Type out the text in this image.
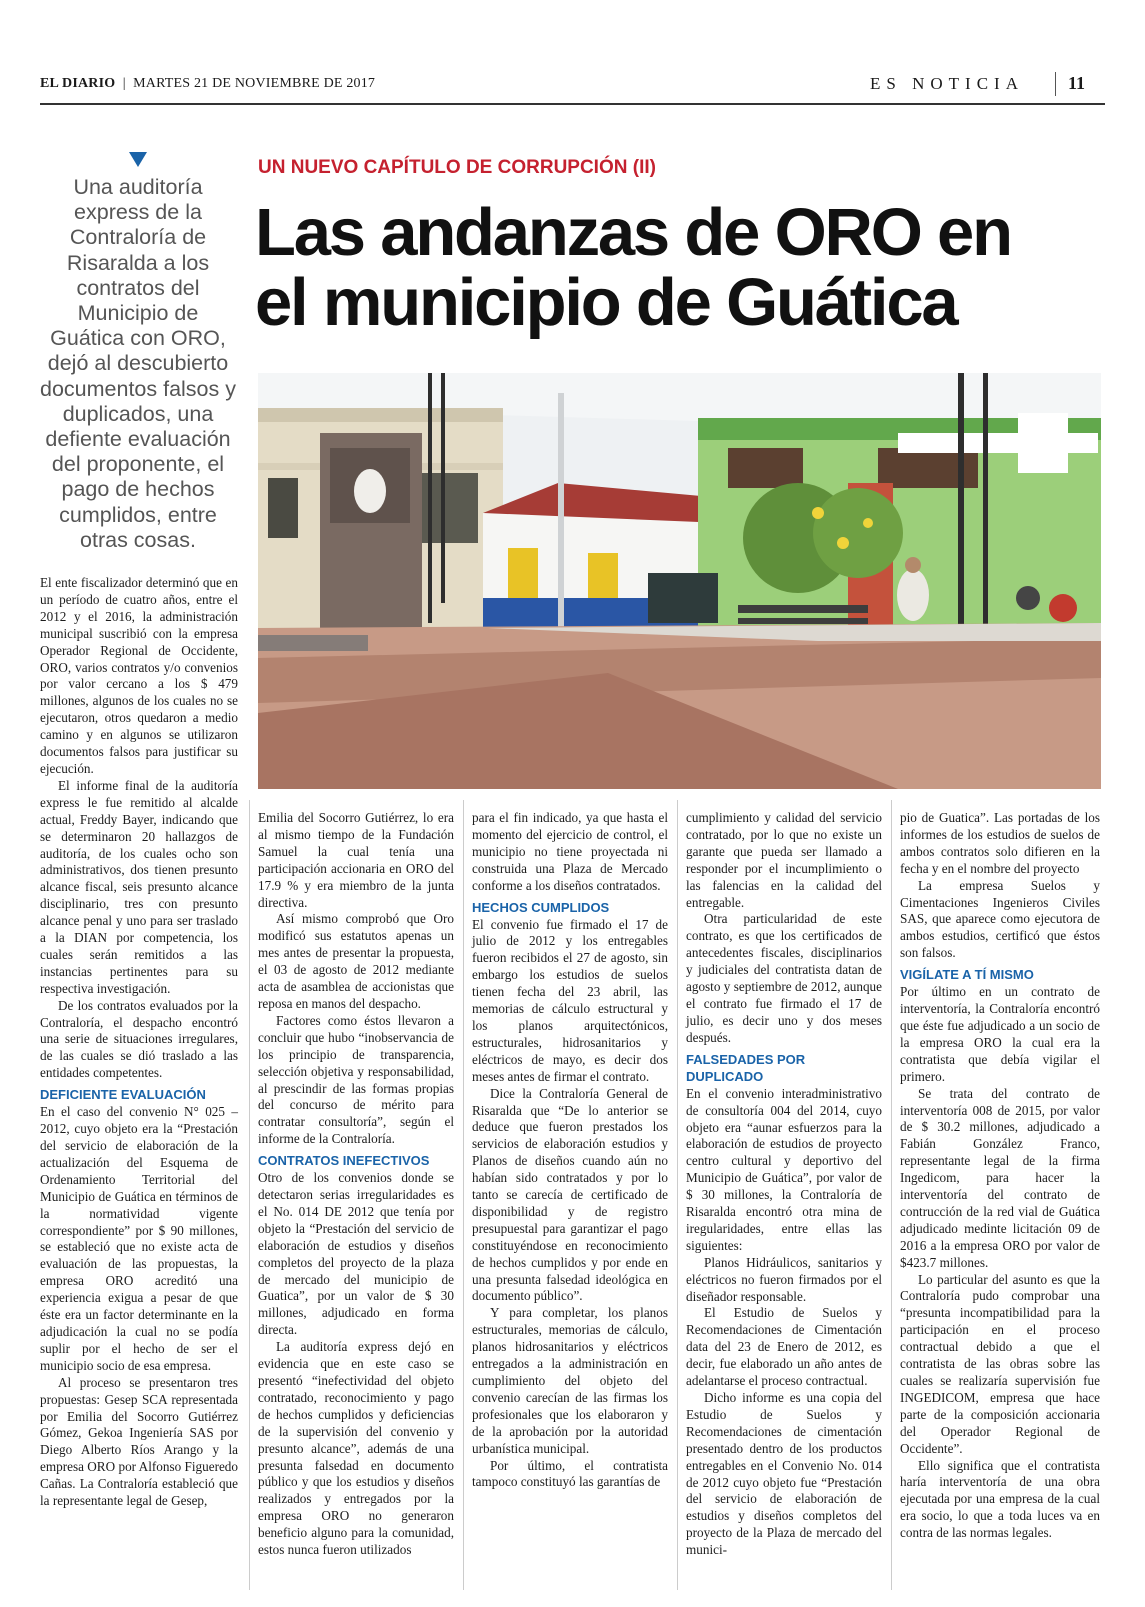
EL DIARIO  |  MARTES 21 DE NOVIEMBRE DE 2017	ES NOTICIA 11
Una auditoría express de la Contraloría de Risaralda a los contratos del Municipio de Guática con ORO, dejó al descubierto documentos falsos y duplicados, una defiente evaluación del proponente, el pago de hechos cumplidos, entre otras cosas.
UN NUEVO CAPÍTULO DE CORRUPCIÓN (II)
Las andanzas de ORO en
el municipio de Guática

El ente fiscalizador determinó que en un período de cuatro años, entre el 2012 y el 2016, la administración municipal suscribió con la empresa Operador Regional de Occidente, ORO, varios contratos y/o convenios por valor cercano a los $ 479 millones, algunos de los cuales no se ejecutaron, otros quedaron a medio camino y en algunos se utilizaron documentos falsos para justificar su ejecución.

El informe final de la auditoría express le fue remitido al alcalde actual, Freddy Bayer, indicando que se determinaron 20 hallazgos de auditoría, de los cuales ocho son administrativos, dos tienen presunto alcance fiscal, seis presunto alcance disciplinario, tres con presunto alcance penal y uno para ser traslado a la DIAN por competencia, los cuales serán remitidos a las instancias pertinentes para su respectiva investigación.

De los contratos evaluados por la Contraloría, el despacho encontró una serie de situaciones irregulares, de las cuales se dió traslado a las entidades competentes.

DEFICIENTE EVALUACIÓN

En el caso del convenio N° 025 – 2012, cuyo objeto era la “Prestación del servicio de elaboración de la actualización del Esquema de Ordenamiento Territorial del Municipio de Guática en términos de la normatividad vigente correspondiente” por $ 90 millones, se estableció que no existe acta de evaluación de las propuestas, la empresa ORO acreditó una experiencia exigua a pesar de que éste era un factor determinante en la adjudicación la cual no se podía suplir por el hecho de ser el municipio socio de esa empresa.

Al proceso se presentaron tres propuestas: Gesep SCA representada por Emilia del Socorro Gutiérrez Gómez, Gekoa Ingeniería SAS por Diego Alberto Ríos Arango y la empresa ORO por Alfonso Figueredo Cañas. La Contraloría estableció que la representante legal de Gesep,

Emilia del Socorro Gutiérrez, lo era al mismo tiempo de la Fundación Samuel la cual tenía una participación accionaria en ORO del 17.9 % y era miembro de la junta directiva.

Así mismo comprobó que Oro modificó sus estatutos apenas un mes antes de presentar la propuesta, el 03 de agosto de 2012 mediante acta de asamblea de accionistas que reposa en manos del despacho.

Factores como éstos llevaron a concluir que hubo “inobservancia de los principio de transparencia, selección objetiva y responsabilidad, al prescindir de las formas propias del concurso de mérito para contratar consultoría”, según el informe de la Contraloría.

CONTRATOS INEFECTIVOS

Otro de los convenios donde se detectaron serias irregularidades es el No. 014 DE 2012 que tenía por objeto la “Prestación del servicio de elaboración de estudios y diseños completos del proyecto de la plaza de mercado del municipio de Guatica”, por un valor de $ 30 millones, adjudicado en forma directa.

La auditoría express dejó en evidencia que en este caso se presentó “inefectividad del objeto contratado, reconocimiento y pago de hechos cumplidos y deficiencias de la supervisión del convenio y presunto alcance”, además de una presunta falsedad en documento público y que los estudios y diseños realizados y entregados por la empresa ORO no generaron beneficio alguno para la comunidad, estos nunca fueron utilizados

para el fin indicado, ya que hasta el momento del ejercicio de control, el municipio no tiene proyectada ni construida una Plaza de Mercado conforme a los diseños contratados.

HECHOS CUMPLIDOS

El convenio fue firmado el 17 de julio de 2012 y los entregables fueron recibidos el 27 de agosto, sin embargo los estudios de suelos tienen fecha del 23 abril, las memorias de cálculo estructural y los planos arquitectónicos, estructurales, hidrosanitarios y eléctricos de mayo, es decir dos meses antes de firmar el contrato.

Dice la Contraloría General de Risaralda que “De lo anterior se deduce que fueron prestados los servicios de elaboración estudios y Planos de diseños cuando aún no habían sido contratados y por lo tanto se carecía de certificado de disponibilidad y de registro presupuestal para garantizar el pago constituyéndose en reconocimiento de hechos cumplidos y por ende en una presunta falsedad ideológica en documento público”.

Y para completar, los planos estructurales, memorias de cálculo, planos hidrosanitarios y eléctricos entregados a la administración en cumplimiento del objeto del convenio carecían de las firmas los profesionales que los elaboraron y de la aprobación por la autoridad urbanística municipal.

Por último, el contratista tampoco constituyó las garantías de

cumplimiento y calidad del servicio contratado, por lo que no existe un garante que pueda ser llamado a responder por el incumplimiento o las falencias en la calidad del entregable.

Otra particularidad de este contrato, es que los certificados de antecedentes fiscales, disciplinarios y judiciales del contratista datan de agosto y septiembre de 2012, aunque el contrato fue firmado el 17 de julio, es decir uno y dos meses después.

FALSEDADES POR DUPLICADO

En el convenio interadministrativo de consultoría 004 del 2014, cuyo objeto era “aunar esfuerzos para la elaboración de estudios de proyecto centro cultural y deportivo del Municipio de Guática”, por valor de $ 30 millones, la Contraloría de Risaralda encontró otra mina de iregularidades, entre ellas las siguientes:

Planos Hidráulicos, sanitarios y eléctricos no fueron firmados por el diseñador responsable.

El Estudio de Suelos y Recomendaciones de Cimentación data del 23 de Enero de 2012, es decir, fue elaborado un año antes de adelantarse el proceso contractual.

Dicho informe es una copia del Estudio de Suelos y Recomendaciones de cimentación presentado dentro de los productos entregables en el Convenio No. 014 de 2012 cuyo objeto fue “Prestación del servicio de elaboración de estudios y diseños completos del proyecto de la Plaza de mercado del munici-

pio de Guatica”. Las portadas de los informes de los estudios de suelos de ambos contratos solo difieren en la fecha y en el nombre del proyecto

La empresa Suelos y Cimentaciones Ingenieros Civiles SAS, que aparece como ejecutora de ambos estudios, certificó que éstos son falsos.

VIGÍLATE A TÍ MISMO

Por último en un contrato de interventoría, la Contraloría encontró que éste fue adjudicado a un socio de la empresa ORO la cual era la contratista que debía vigilar el primero.

Se trata del contrato de interventoría 008 de 2015, por valor de $ 30.2 millones, adjudicado a Fabián González Franco, representante legal de la firma Ingedicom, para hacer la interventoría del contrato de contrucción de la red vial de Guática adjudicado medinte licitación 09 de 2016 a la empresa ORO por valor de $423.7 millones.

Lo particular del asunto es que la Contraloría pudo comprobar una “presunta incompatibilidad para la participación en el proceso contractual debido a que el contratista de las obras sobre las cuales se realizaría supervisión fue INGEDICOM, empresa que hace parte de la composición accionaria del Operador Regional de Occidente”.

Ello significa que el contratista haría interventoría de una obra ejecutada por una empresa de la cual era socio, lo que a toda luces va en contra de las normas legales.
